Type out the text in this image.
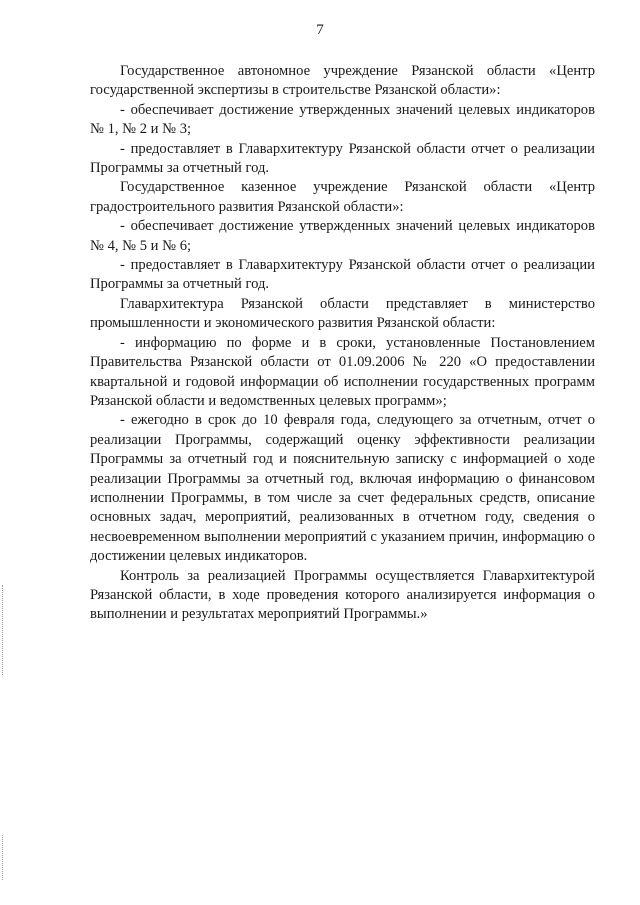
7

Государственное автономное учреждение Рязанской области «Центр государственной экспертизы в строительстве Рязанской области»:

- обеспечивает достижение утвержденных значений целевых индикаторов № 1, № 2 и № 3;

- предоставляет в Главархитектуру Рязанской области отчет о реализации Программы за отчетный год.

Государственное казенное учреждение Рязанской области «Центр градостроительного развития Рязанской области»:

- обеспечивает достижение утвержденных значений целевых индикаторов № 4, № 5 и № 6;

- предоставляет в Главархитектуру Рязанской области отчет о реализации Программы за отчетный год.

Главархитектура Рязанской области представляет в министерство промышленности и экономического развития Рязанской области:

- информацию по форме и в сроки, установленные Постановлением Правительства Рязанской области от 01.09.2006 № 220 «О предоставлении квартальной и годовой информации об исполнении государственных программ Рязанской области и ведомственных целевых программ»;

- ежегодно в срок до 10 февраля года, следующего за отчетным, отчет о реализации Программы, содержащий оценку эффективности реализации Программы за отчетный год и пояснительную записку с информацией о ходе реализации Программы за отчетный год, включая информацию о финансовом исполнении Программы, в том числе за счет федеральных средств, описание основных задач, мероприятий, реализованных в отчетном году, сведения о несвоевременном выполнении мероприятий с указанием причин, информацию о достижении целевых индикаторов.

Контроль за реализацией Программы осуществляется Главархитектурой Рязанской области, в ходе проведения которого анализируется информация о выполнении и результатах мероприятий Программы.»
